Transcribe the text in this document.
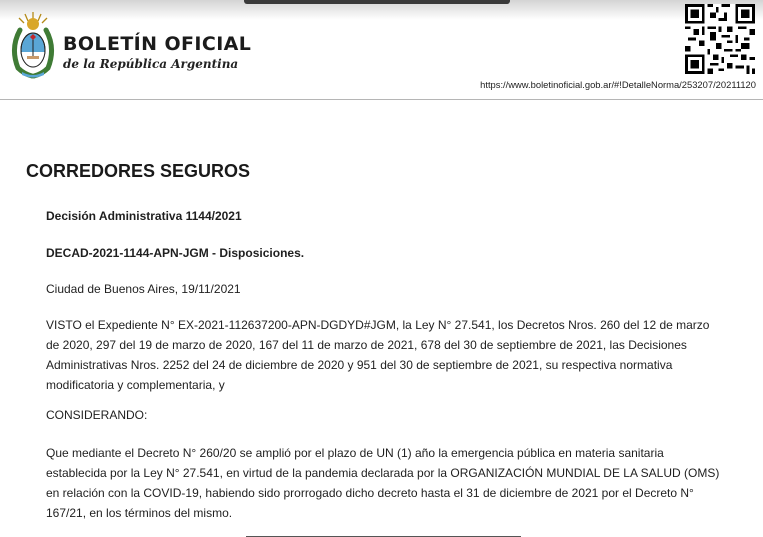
BOLETÍN OFICIAL
de la República Argentina
https://www.boletinoficial.gob.ar/#!DetalleNorma/253207/20211120
CORREDORES SEGUROS

Decisión Administrativa 1144/2021

DECAD-2021-1144-APN-JGM - Disposiciones.

Ciudad de Buenos Aires, 19/11/2021

VISTO el Expediente N° EX-2021-112637200-APN-DGDYD#JGM, la Ley N° 27.541, los Decretos Nros. 260 del 12 de marzo de 2020, 297 del 19 de marzo de 2020, 167 del 11 de marzo de 2021, 678 del 30 de septiembre de 2021, las Decisiones Administrativas Nros. 2252 del 24 de diciembre de 2020 y 951 del 30 de septiembre de 2021, su respectiva normativa modificatoria y complementaria, y

CONSIDERANDO:

Que mediante el Decreto N° 260/20 se amplió por el plazo de UN (1) año la emergencia pública en materia sanitaria establecida por la Ley N° 27.541, en virtud de la pandemia declarada por la ORGANIZACIÓN MUNDIAL DE LA SALUD (OMS) en relación con la COVID-19, habiendo sido prorrogado dicho decreto hasta el 31 de diciembre de 2021 por el Decreto N° 167/21, en los términos del mismo.
